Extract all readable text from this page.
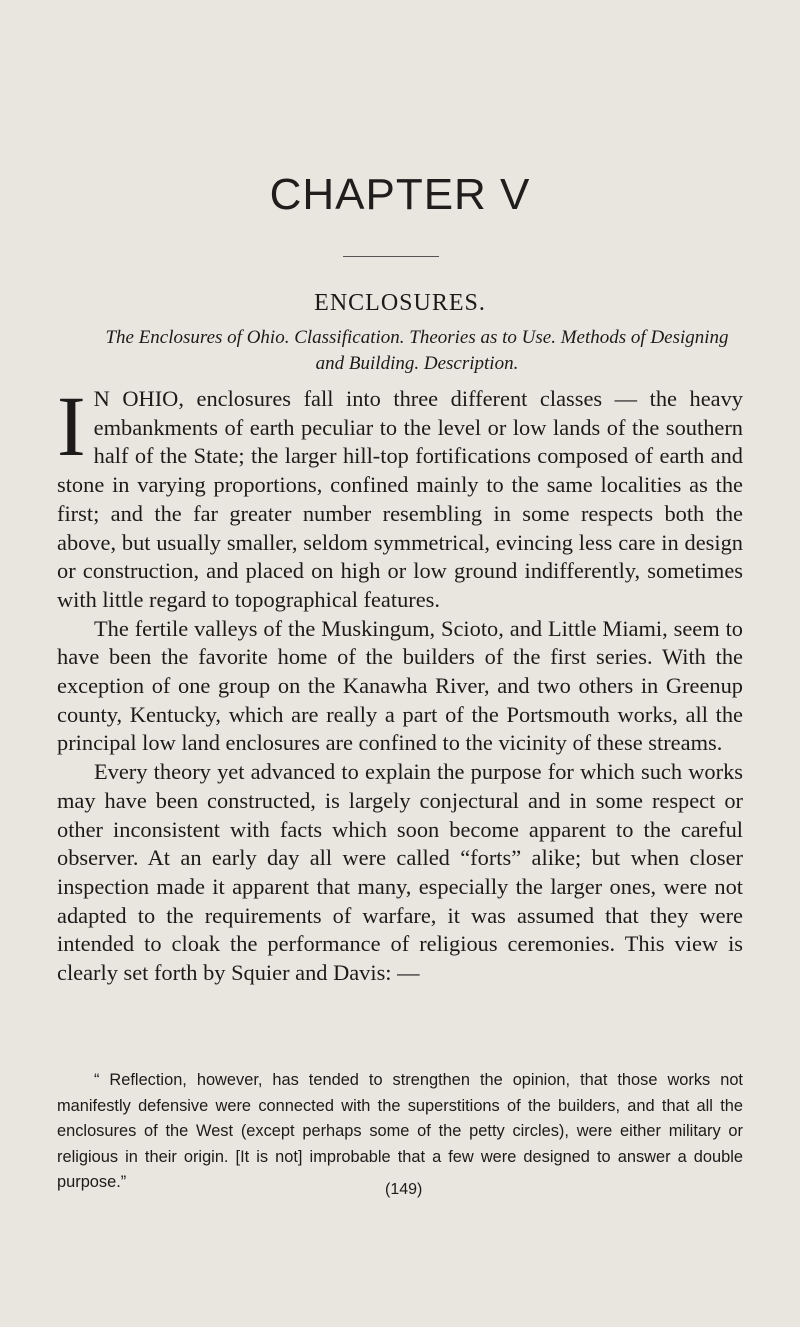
CHAPTER V
ENCLOSURES.
The Enclosures of Ohio. Classification. Theories as to Use. Methods of Designing and Building. Description.

I N OHIO, enclosures fall into three different classes — the heavy embankments of earth peculiar to the level or low lands of the southern half of the State; the larger hill-top fortifications composed of earth and stone in varying proportions, confined mainly to the same localities as the first; and the far greater number resembling in some respects both the above, but usually smaller, seldom symmetrical, evincing less care in design or construction, and placed on high or low ground indifferently, sometimes with little regard to topographical features.

The fertile valleys of the Muskingum, Scioto, and Little Miami, seem to have been the favorite home of the builders of the first series. With the exception of one group on the Kanawha River, and two others in Greenup county, Kentucky, which are really a part of the Portsmouth works, all the principal low land enclosures are confined to the vicinity of these streams.

Every theory yet advanced to explain the purpose for which such works may have been constructed, is largely conjectural and in some respect or other inconsistent with facts which soon become apparent to the careful observer. At an early day all were called “forts” alike; but when closer inspection made it apparent that many, especially the larger ones, were not adapted to the requirements of warfare, it was assumed that they were intended to cloak the performance of religious ceremonies. This view is clearly set forth by Squier and Davis: —

“ Reflection, however, has tended to strengthen the opinion, that those works not manifestly defensive were connected with the superstitions of the builders, and that all the enclosures of the West (except perhaps some of the petty circles), were either military or religious in their origin. [It is not] improbable that a few were designed to answer a double purpose.”	(149)
